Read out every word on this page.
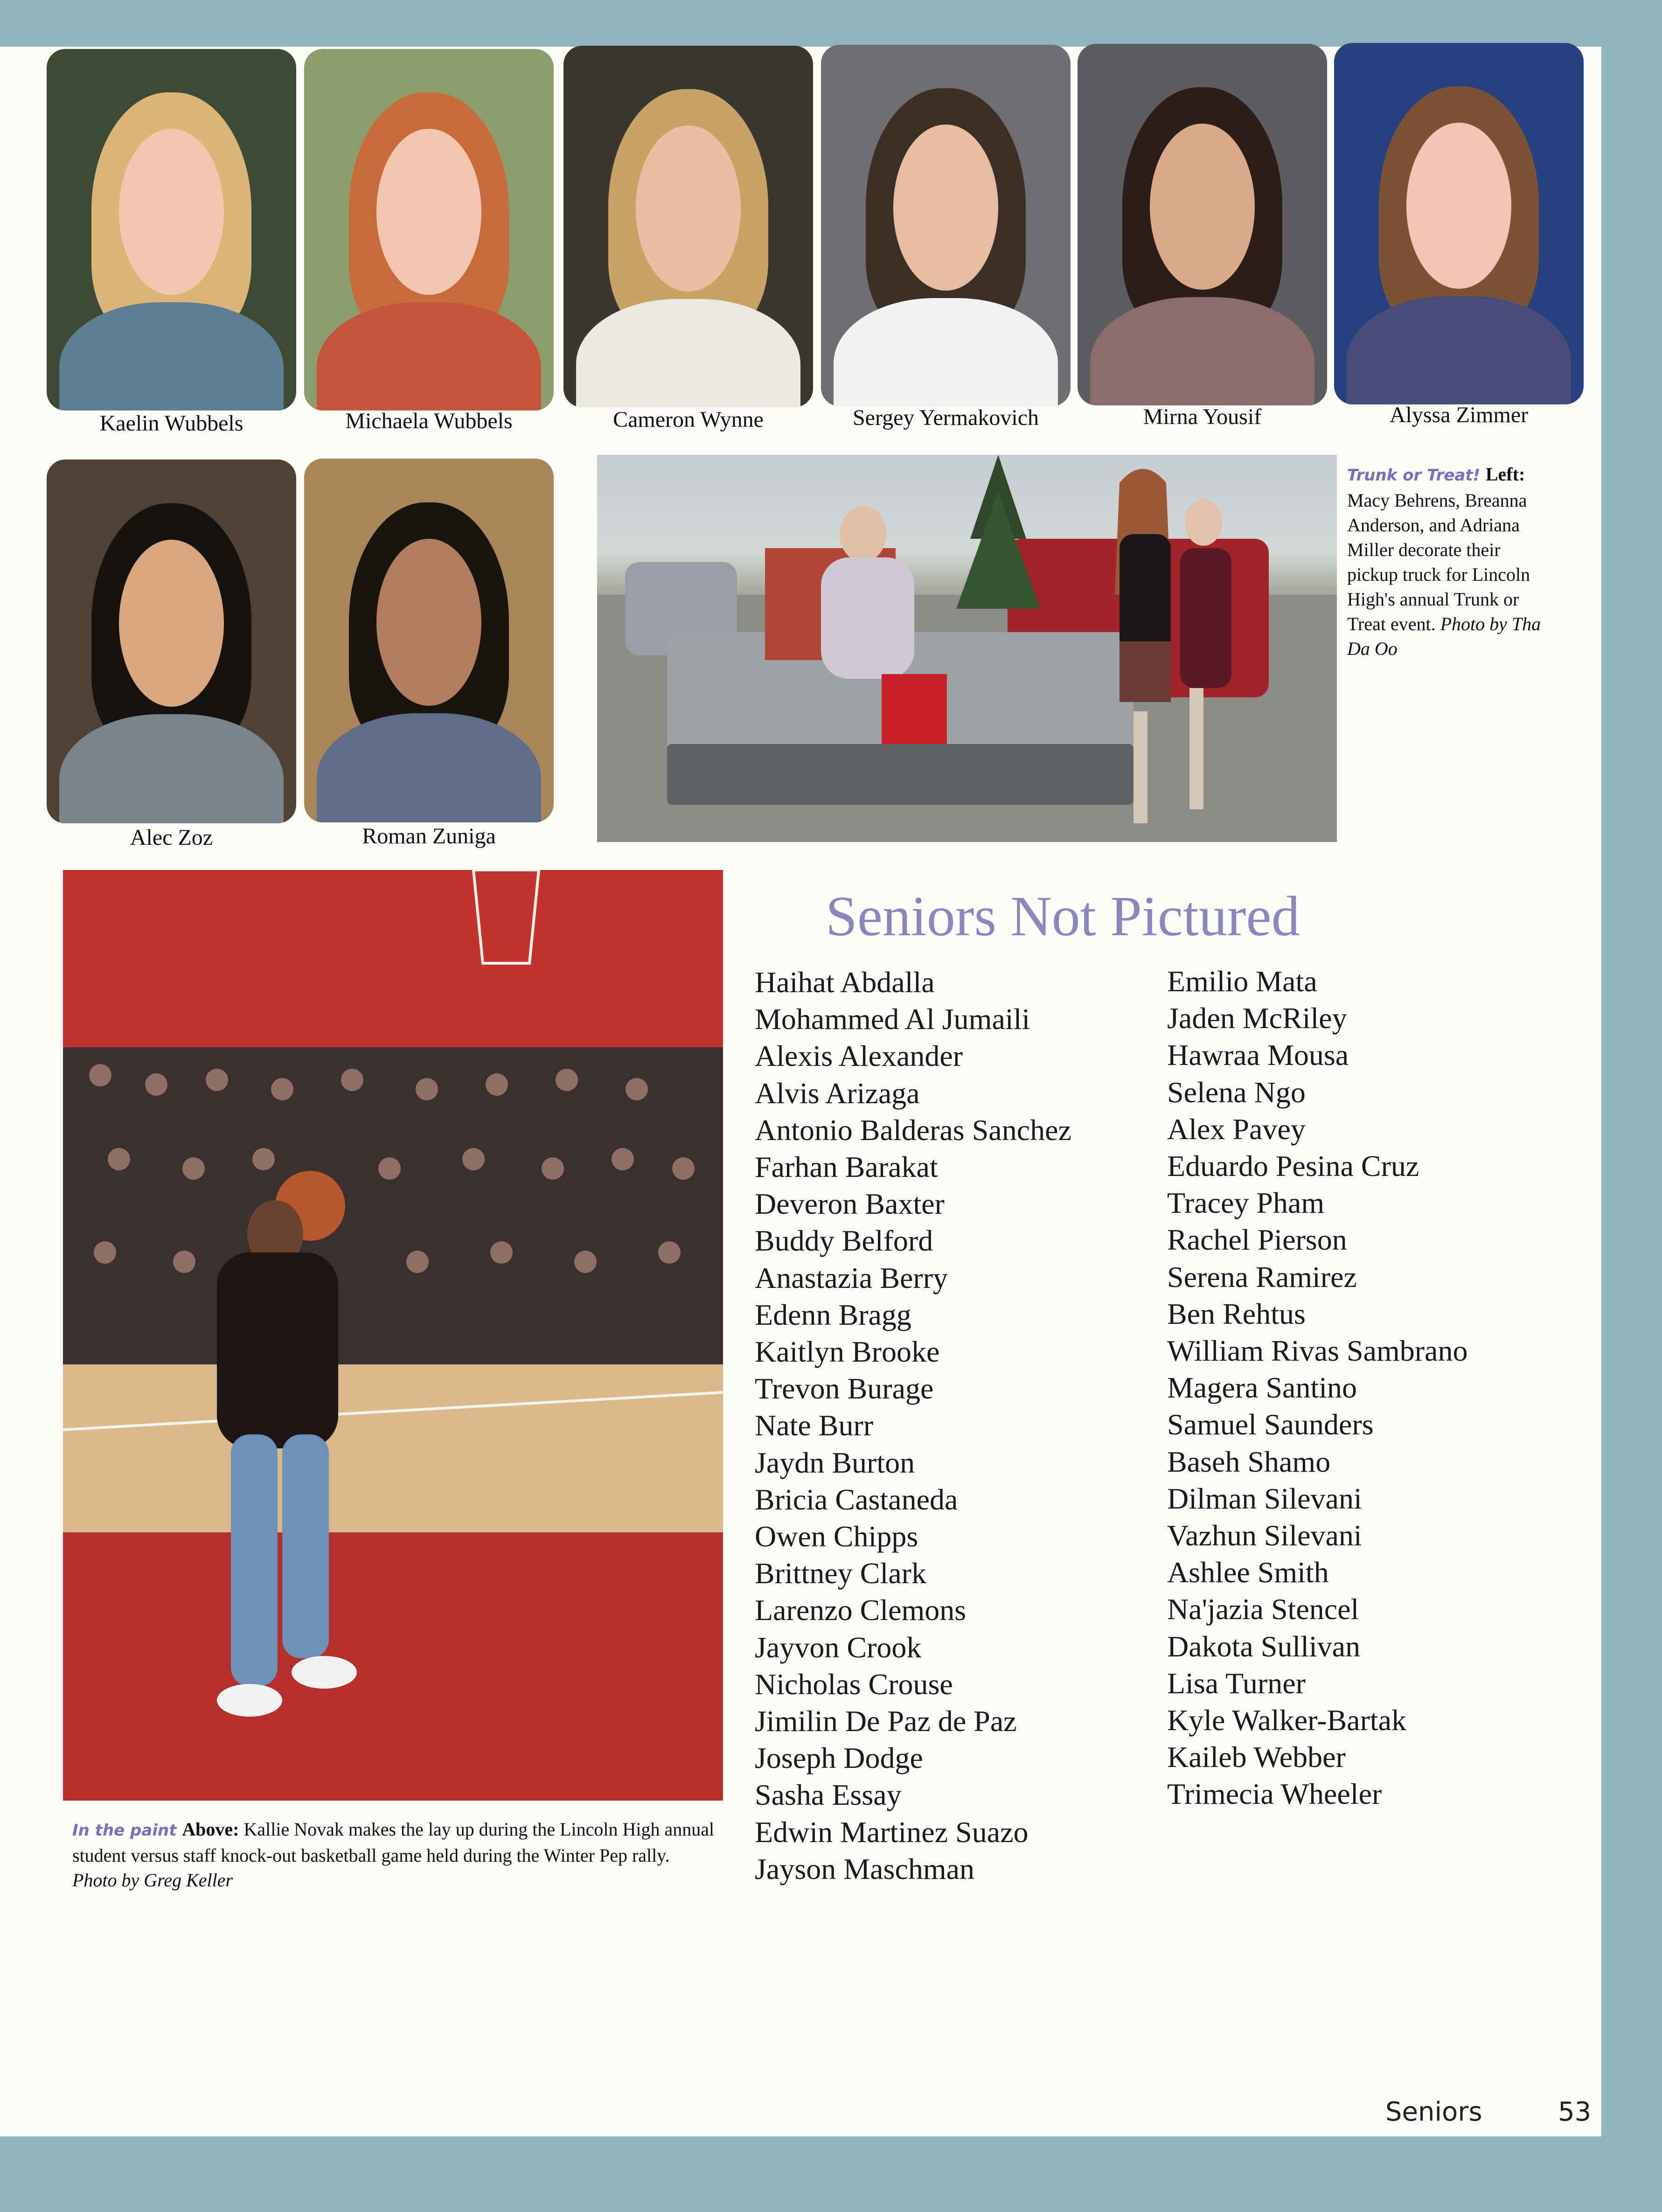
Kaelin Wubbels	Michaela Wubbels	Cameron Wynne	Sergey Yermakovich	Mirna Yousif	Alyssa Zimmer
Alec Zoz	Roman Zuniga
Trunk or Treat! Left: Macy Behrens, Breanna Anderson, and Adriana Miller decorate their pickup truck for Lincoln High's annual Trunk or Treat event. Photo by Tha Da Oo
In the paint Above: Kallie Novak makes the lay up during the Lincoln High annual student versus staff knock-out basketball game held during the Winter Pep rally. Photo by Greg Keller
Seniors Not Pictured
Haihat Abdalla
Mohammed Al Jumaili
Alexis Alexander
Alvis Arizaga
Antonio Balderas Sanchez
Farhan Barakat
Deveron Baxter
Buddy Belford
Anastazia Berry
Edenn Bragg
Kaitlyn Brooke
Trevon Burage
Nate Burr
Jaydn Burton
Bricia Castaneda
Owen Chipps
Brittney Clark
Larenzo Clemons
Jayvon Crook
Nicholas Crouse
Jimilin De Paz de Paz
Joseph Dodge
Sasha Essay
Edwin Martinez Suazo
Jayson Maschman
Emilio Mata
Jaden McRiley
Hawraa Mousa
Selena Ngo
Alex Pavey
Eduardo Pesina Cruz
Tracey Pham
Rachel Pierson
Serena Ramirez
Ben Rehtus
William Rivas Sambrano
Magera Santino
Samuel Saunders
Baseh Shamo
Dilman Silevani
Vazhun Silevani
Ashlee Smith
Na'jazia Stencel
Dakota Sullivan
Lisa Turner
Kyle Walker-Bartak
Kaileb Webber
Trimecia Wheeler
Seniors	53
